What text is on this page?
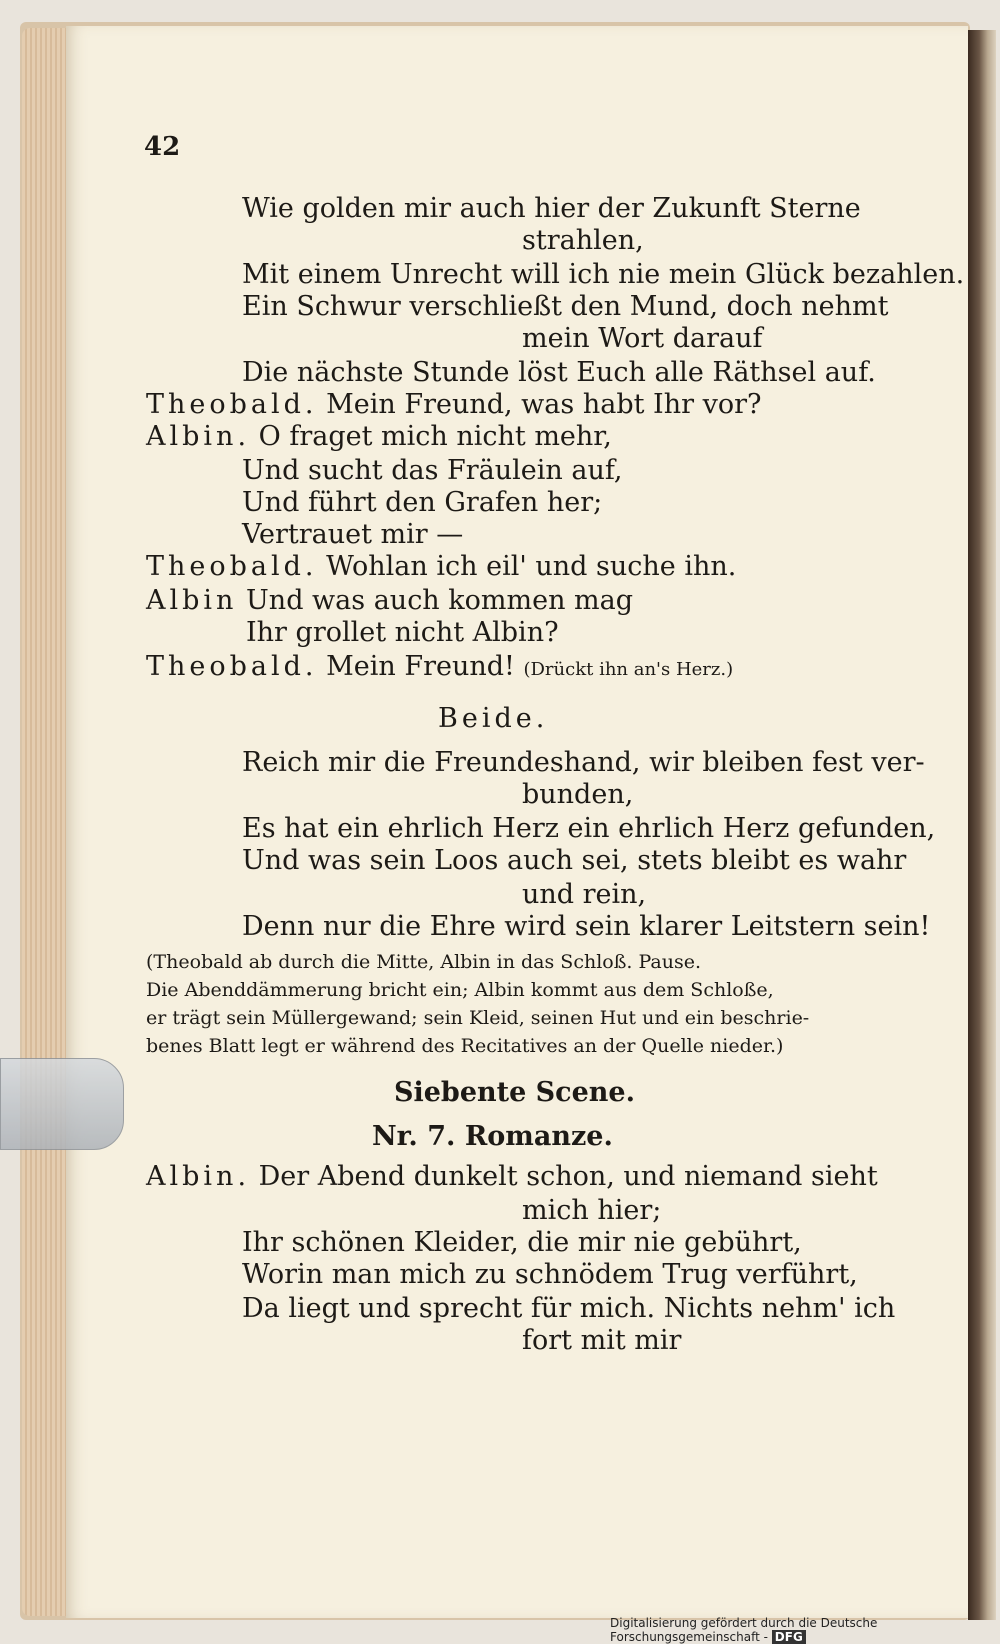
42
Wie golden mir auch hier der Zukunft Sterne
strahlen,
Mit einem Unrecht will ich nie mein Glück bezahlen.
Ein Schwur verschließt den Mund, doch nehmt
mein Wort darauf
Die nächste Stunde löst Euch alle Räthsel auf.
Theobald. Mein Freund, was habt Ihr vor?
Albin. O fraget mich nicht mehr,
Und sucht das Fräulein auf,
Und führt den Grafen her;
Vertrauet mir —
Theobald. Wohlan ich eil' und suche ihn.
Albin Und was auch kommen mag
Ihr grollet nicht Albin?
Theobald. Mein Freund! (Drückt ihn an's Herz.)
Beide.
Reich mir die Freundeshand, wir bleiben fest ver-
bunden,
Es hat ein ehrlich Herz ein ehrlich Herz gefunden,
Und was sein Loos auch sei, stets bleibt es wahr
und rein,
Denn nur die Ehre wird sein klarer Leitstern sein!
(Theobald ab durch die Mitte, Albin in das Schloß. Pause.
Die Abenddämmerung bricht ein; Albin kommt aus dem Schloße,
er trägt sein Müllergewand; sein Kleid, seinen Hut und ein beschrie-
benes Blatt legt er während des Recitatives an der Quelle nieder.)
Siebente Scene.
Nr. 7. Romanze.
Albin. Der Abend dunkelt schon, und niemand sieht
mich hier;
Ihr schönen Kleider, die mir nie gebührt,
Worin man mich zu schnödem Trug verführt,
Da liegt und sprecht für mich. Nichts nehm' ich
fort mit mir
Digitalisierung gefördert durch die Deutsche Forschungsgemeinschaft - DFG
